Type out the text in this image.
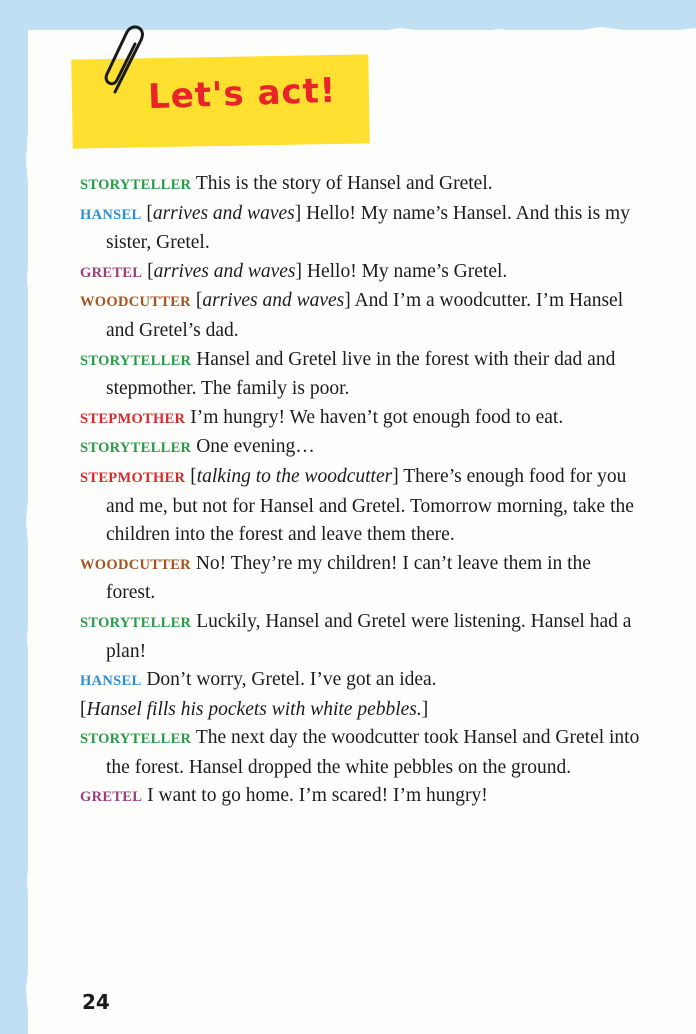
Let's act!
STORYTELLER This is the story of Hansel and Gretel.
HANSEL [arrives and waves] Hello! My name’s Hansel. And this is my sister, Gretel.
GRETEL [arrives and waves] Hello! My name’s Gretel.
WOODCUTTER [arrives and waves] And I’m a woodcutter. I’m Hansel and Gretel’s dad.
STORYTELLER Hansel and Gretel live in the forest with their dad and stepmother. The family is poor.
STEPMOTHER I’m hungry! We haven’t got enough food to eat.
STORYTELLER One evening…
STEPMOTHER [talking to the woodcutter] There’s enough food for you and me, but not for Hansel and Gretel. Tomorrow morning, take the children into the forest and leave them there.
WOODCUTTER No! They’re my children! I can’t leave them in the forest.
STORYTELLER Luckily, Hansel and Gretel were listening. Hansel had a plan!
HANSEL Don’t worry, Gretel. I’ve got an idea.
[Hansel fills his pockets with white pebbles.]
STORYTELLER The next day the woodcutter took Hansel and Gretel into the forest. Hansel dropped the white pebbles on the ground.
GRETEL I want to go home. I’m scared! I’m hungry!
24
